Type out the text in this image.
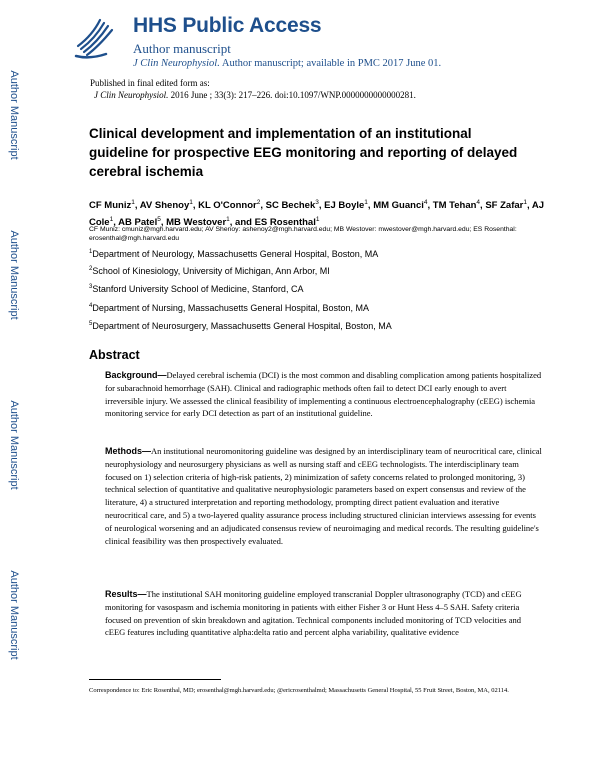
Author Manuscript
Author Manuscript
Author Manuscript
Author Manuscript
HHS Public Access
Author manuscript
J Clin Neurophysiol. Author manuscript; available in PMC 2017 June 01.
Published in final edited form as:
J Clin Neurophysiol. 2016 June ; 33(3): 217–226. doi:10.1097/WNP.0000000000000281.
Clinical development and implementation of an institutional guideline for prospective EEG monitoring and reporting of delayed cerebral ischemia
CF Muniz$^1$, AV Shenoy$^1$, KL O'Connor$^2$, SC Bechek$^3$, EJ Boyle$^1$, MM Guanci$^4$, TM Tehan$^4$, SF Zafar$^1$, AJ Cole$^1$, AB Patel$^5$, MB Westover$^1$, and ES Rosenthal$^1$
CF Muniz: cmuniz@mgh.harvard.edu; AV Shenoy: ashenoy2@mgh.harvard.edu; MB Westover: mwestover@mgh.harvard.edu; ES Rosenthal: erosenthal@mgh.harvard.edu
$^1$Department of Neurology, Massachusetts General Hospital, Boston, MA
$^2$School of Kinesiology, University of Michigan, Ann Arbor, MI
$^3$Stanford University School of Medicine, Stanford, CA
$^4$Department of Nursing, Massachusetts General Hospital, Boston, MA
$^5$Department of Neurosurgery, Massachusetts General Hospital, Boston, MA
Abstract

Background—Delayed cerebral ischemia (DCI) is the most common and disabling complication among patients hospitalized for subarachnoid hemorrhage (SAH). Clinical and radiographic methods often fail to detect DCI early enough to avert irreversible injury. We assessed the clinical feasibility of implementing a continuous electroencephalography (cEEG) ischemia monitoring service for early DCI detection as part of an institutional guideline.

Methods—An institutional neuromonitoring guideline was designed by an interdisciplinary team of neurocritical care, clinical neurophysiology and neurosurgery physicians as well as nursing staff and cEEG technologists. The interdisciplinary team focused on 1) selection criteria of high-risk patients, 2) minimization of safety concerns related to prolonged monitoring, 3) technical selection of quantitative and qualitative neurophysiologic parameters based on expert consensus and review of the literature, 4) a structured interpretation and reporting methodology, prompting direct patient evaluation and iterative neurocritical care, and 5) a two-layered quality assurance process including structured clinician interviews assessing for events of neurological worsening and an adjudicated consensus review of neuroimaging and medical records. The resulting guideline's clinical feasibility was then prospectively evaluated.

Results—The institutional SAH monitoring guideline employed transcranial Doppler ultrasonography (TCD) and cEEG monitoring for vasospasm and ischemia monitoring in patients with either Fisher 3 or Hunt Hess 4–5 SAH. Safety criteria focused on prevention of skin breakdown and agitation. Technical components included monitoring of TCD velocities and cEEG features including quantitative alpha:delta ratio and percent alpha variability, qualitative evidence

Correspondence to: Eric Rosenthal, MD; erosenthal@mgh.harvard.edu; @ericrosenthalmd; Massachusetts General Hospital, 55 Fruit Street, Boston, MA, 02114.
